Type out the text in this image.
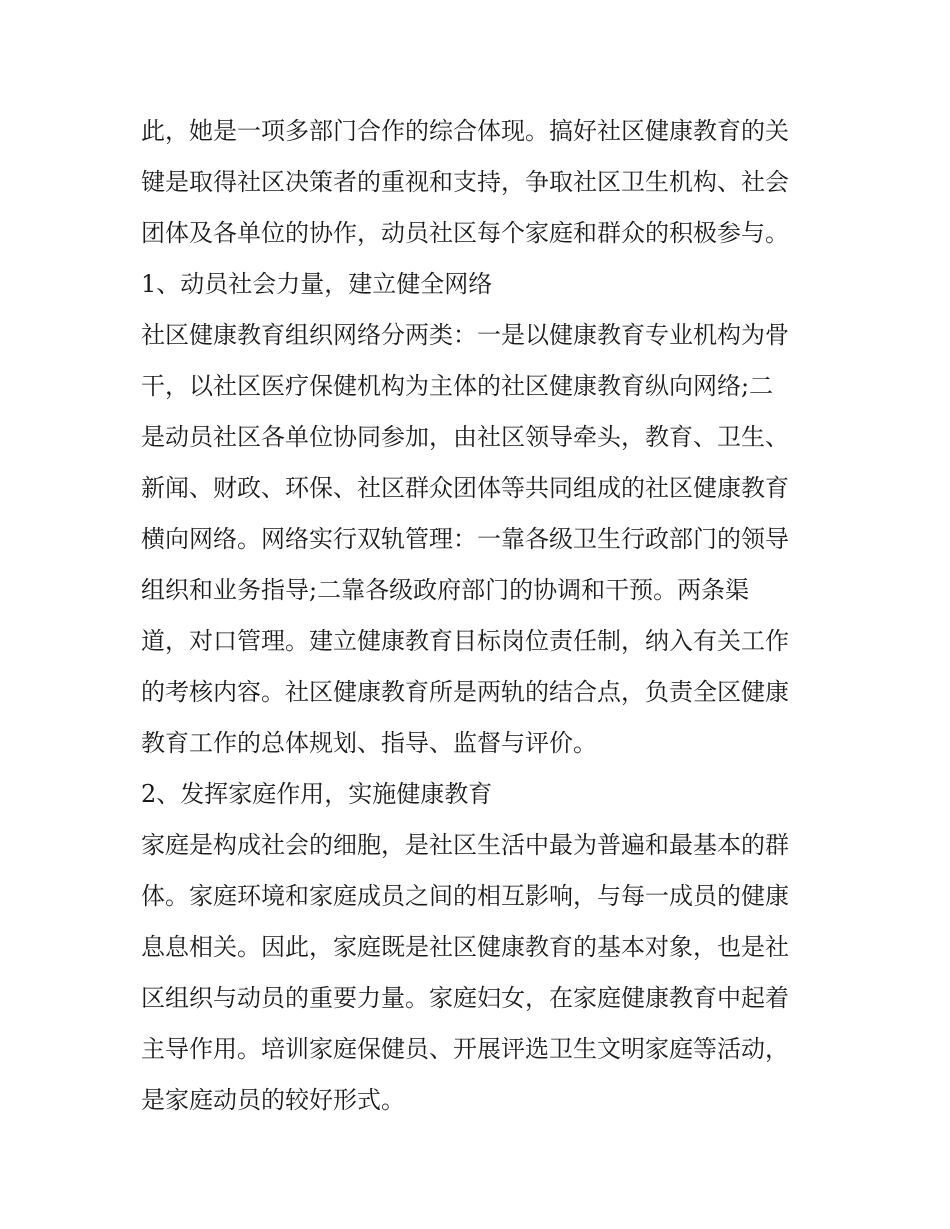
此，她是一项多部门合作的综合体现。搞好社区健康教育的关
键是取得社区决策者的重视和支持，争取社区卫生机构、社会
团体及各单位的协作，动员社区每个家庭和群众的积极参与。
1、动员社会力量，建立健全网络
社区健康教育组织网络分两类：一是以健康教育专业机构为骨
干，以社区医疗保健机构为主体的社区健康教育纵向网络;二
是动员社区各单位协同参加，由社区领导牵头，教育、卫生、
新闻、财政、环保、社区群众团体等共同组成的社区健康教育
横向网络。网络实行双轨管理：一靠各级卫生行政部门的领导
组织和业务指导;二靠各级政府部门的协调和干预。两条渠
道，对口管理。建立健康教育目标岗位责任制，纳入有关工作
的考核内容。社区健康教育所是两轨的结合点，负责全区健康
教育工作的总体规划、指导、监督与评价。
2、发挥家庭作用，实施健康教育
家庭是构成社会的细胞，是社区生活中最为普遍和最基本的群
体。家庭环境和家庭成员之间的相互影响，与每一成员的健康
息息相关。因此，家庭既是社区健康教育的基本对象，也是社
区组织与动员的重要力量。家庭妇女，在家庭健康教育中起着
主导作用。培训家庭保健员、开展评选卫生文明家庭等活动，
是家庭动员的较好形式。
